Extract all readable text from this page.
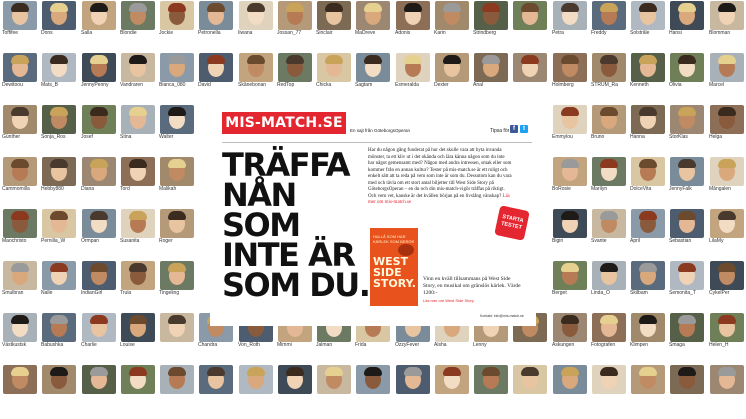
Toffifee	Dons	Salla	Blondie	Jockie	Petronella	Iiwana	Jossan_77	Sinclair	MaDreve	Adonis	Karin	Strindberg	Petra	Freddy	Solstråle	Hansi	Blomman
Dewitoou	Mats_B	JennyPenny	Vandraren	Bianca_080	David	Skånebonan	RedTop	Chicka	Sagtam	Esmeralda	Dexter	Anal	Holmberg	STRUM_Ra	Kenneth	Olivia	Marcel
Günther	Sonja_Ros	Josef	Stina	Walter	Emmylou	Bruno	Hanna	StorKlas	Helga
Cammomilla	Hebby880	Diana	Tord	Malikah	BoRosie	Marilyn	DolceVita	JennyFalk	Mångalen
Maochristo	Pernilla_W	Ormpan	Susanita	Roger	Bigiri	Svante	April	Sebastian	LilaMy
Smulbran	Nalle	IndianGirl	Trula	Tingeling	Berget	Linda_O	Skilbam	Semonita_T	CykelPer
Västkustsk	Babushka	Charlie	Louise	Chandra	Von_Roth	Mimmi	Jalman	Frida	OzzyFever	Aisha	Lenny	Askungen	Fotografen	Klimpen	Smaga	Helen_H
MIS-MATCH.SE	En sajt från GöteborgsOperan	Tipsa för f	t
TRÄFFA NÅN SOM INTE ÄR SOM DU.

Har du någon gång funderat på hur det skulle vara att byta invanda mönster, ta ett kliv ut i det okända och lära känna någon som du inte har något gemensamt med? Någon med andra intressen, smak eller som kommer från en annan kultur? Tester på mis-match.se är ett roligt och enkelt sätt att ta reda på vem som inte är som du. Dessutom kan du vara med och tävla om ett stort antal biljetter till West Side Story på GöteborgsOperan – en du och din mis-match-vigör träffas på riktigt. Och vem vet, kanske är det kvällen början på en livslång vänskap? Läs mer om mis-match.se

STARTA TESTET
HALLÅ SOM HAR KÄRLEK SOM BERÖR
WEST SIDE STORY. Vinn en kväll tillsammans på West Side Story, en musikal om gränslös kärlek. Värde 1200:-
Läs mer om West Side Story

Kontakt: info@mis-match.se
